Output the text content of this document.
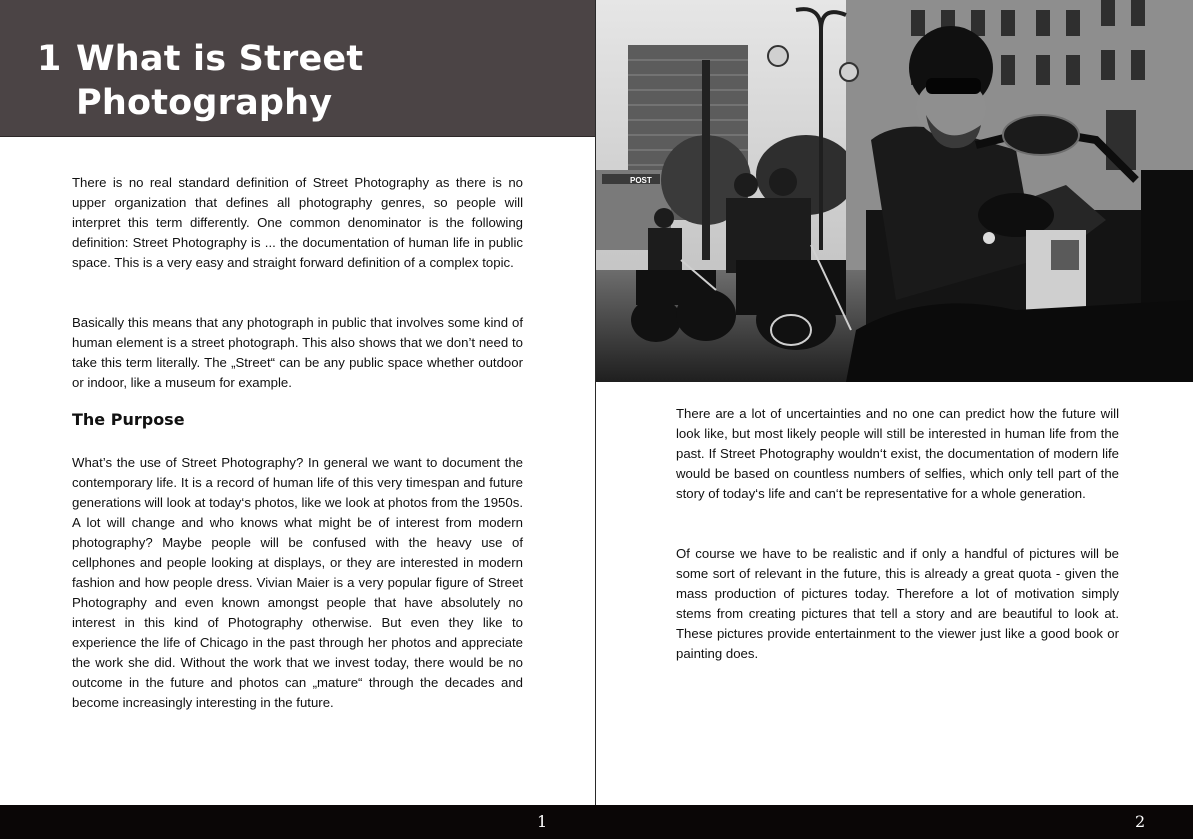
1 What is Street Photography

There is no real standard definition of Street Photography as there is no upper organization that defines all photography genres, so people will interpret this term differently. One common denominator is the following definition: Street Photography is ... the documentation of human life in public space. This is a very easy and straight forward definition of a complex topic.

Basically this means that any photograph in public that involves some kind of human element is a street photograph. This also shows that we don’t need to take this term literally. The „Street“ can be any public space whether outdoor or indoor, like a museum for example.

The Purpose

What’s the use of Street Photography? In general we want to document the contemporary life. It is a record of human life of this very timespan and future generations will look at today‘s photos, like we look at photos from the 1950s. A lot will change and who knows what might be of interest from modern photography? Maybe people will be confused with the heavy use of cellphones and people looking at displays, or they are interested in modern fashion and how people dress. Vivian Maier is a very popular figure of Street Photography and even known amongst people that have absolutely no interest in this kind of Photography otherwise. But even they like to experience the life of Chicago in the past through her photos and appreciate the work she did. Without the work that we invest today, there would be no outcome in the future and photos can „mature“ through the decades and become increasingly interesting in the future.

POST

There are a lot of uncertainties and no one can predict how the future will look like, but most likely people will still be interested in human life from the past. If Street Photography wouldn‘t exist, the documentation of modern life would be based on countless numbers of selfies, which only tell part of the story of today‘s life and can‘t be representative for a whole generation.

Of course we have to be realistic and if only a handful of pictures will be some sort of relevant in the future, this is already a great quota - given the mass production of pictures today. Therefore a lot of motivation simply stems from creating pictures that tell a story and are beautiful to look at. These pictures provide entertainment to the viewer just like a good book or painting does.

1	2
